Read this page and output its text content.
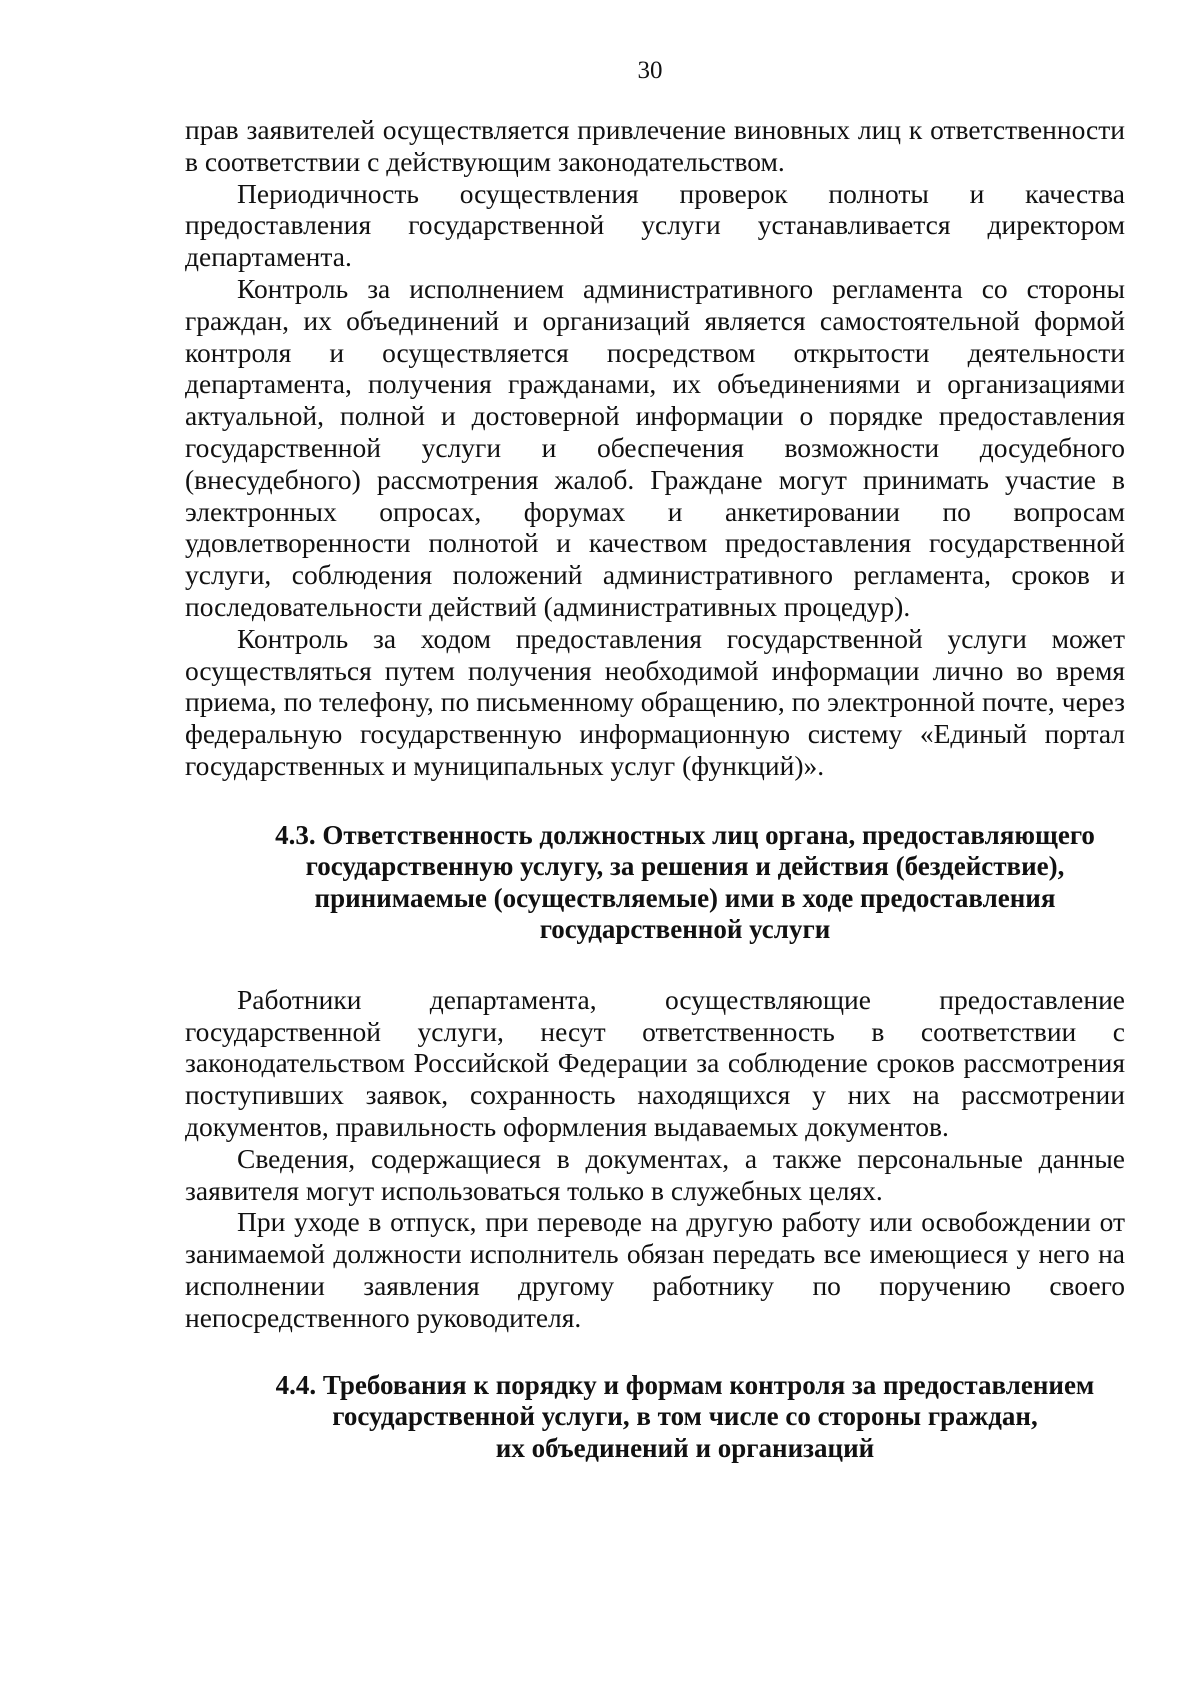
30

прав заявителей осуществляется привлечение виновных лиц к ответственности в соответствии с действующим законодательством.

Периодичность осуществления проверок полноты и качества предоставления государственной услуги устанавливается директором департамента.

Контроль за исполнением административного регламента со стороны граждан, их объединений и организаций является самостоятельной формой контроля и осуществляется посредством открытости деятельности департамента, получения гражданами, их объединениями и организациями актуальной, полной и достоверной информации о порядке предоставления государственной услуги и обеспечения возможности досудебного (внесудебного) рассмотрения жалоб. Граждане могут принимать участие в электронных опросах, форумах и анкетировании по вопросам удовлетворенности полнотой и качеством предоставления государственной услуги, соблюдения положений административного регламента, сроков и последовательности действий (административных процедур).

Контроль за ходом предоставления государственной услуги может осуществляться путем получения необходимой информации лично во время приема, по телефону, по письменному обращению, по электронной почте, через федеральную государственную информационную систему «Единый портал государственных и муниципальных услуг (функций)».

4.3. Ответственность должностных лиц органа, предоставляющего
государственную услугу, за решения и действия (бездействие),
принимаемые (осуществляемые) ими в ходе предоставления
государственной услуги

Работники департамента, осуществляющие предоставление государственной услуги, несут ответственность в соответствии с законодательством Российской Федерации за соблюдение сроков рассмотрения поступивших заявок, сохранность находящихся у них на рассмотрении документов, правильность оформления выдаваемых документов.

Сведения, содержащиеся в документах, а также персональные данные заявителя могут использоваться только в служебных целях.

При уходе в отпуск, при переводе на другую работу или освобождении от занимаемой должности исполнитель обязан передать все имеющиеся у него на исполнении заявления другому работнику по поручению своего непосредственного руководителя.

4.4. Требования к порядку и формам контроля за предоставлением
государственной услуги, в том числе со стороны граждан,
их объединений и организаций
